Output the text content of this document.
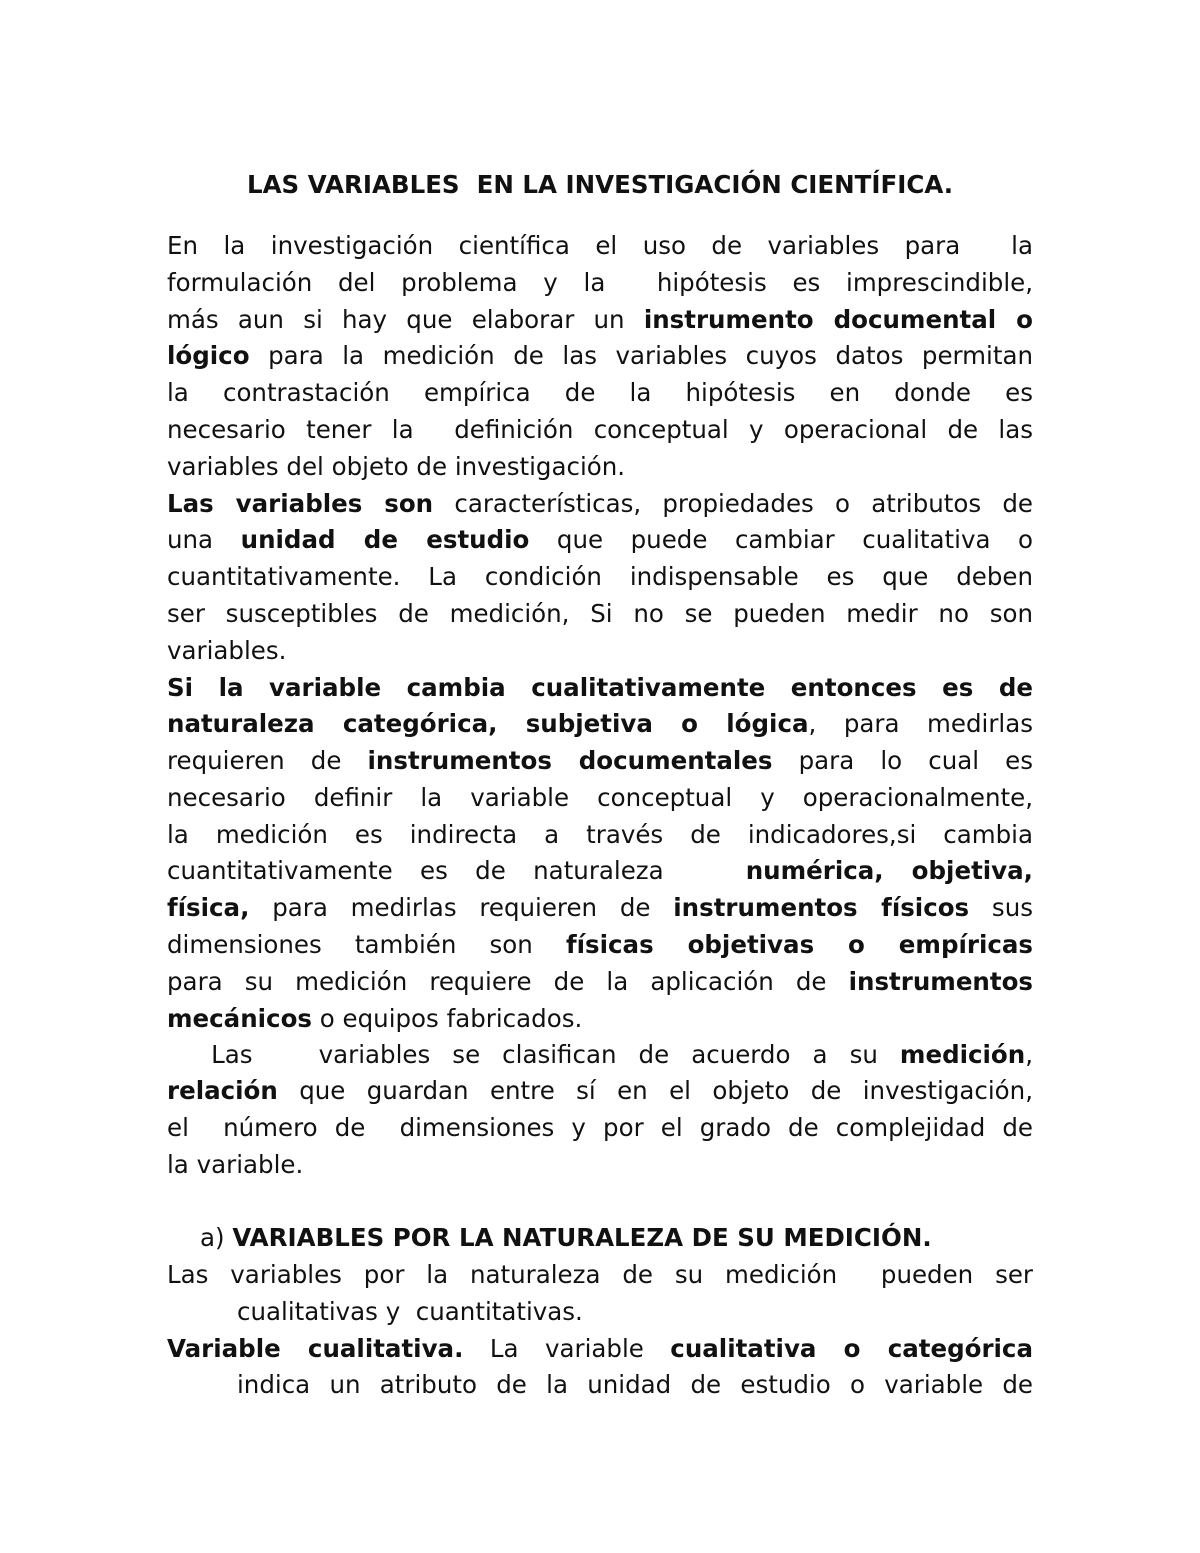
LAS VARIABLES  EN LA INVESTIGACIÓN CIENTÍFICA.
En la investigación científica el uso de variables para  la
formulación del problema y la  hipótesis es imprescindible,
más aun si hay que elaborar un instrumento documental o
lógico para la medición de las variables cuyos datos permitan
la contrastación empírica de la hipótesis en donde es
necesario tener la  definición conceptual y operacional de las
variables del objeto de investigación.
Las variables son características, propiedades o atributos de
una unidad de estudio que puede cambiar cualitativa o
cuantitativamente. La condición indispensable es que deben
ser susceptibles de medición, Si no se pueden medir no son
variables.
Si la variable cambia cualitativamente entonces es de
naturaleza categórica, subjetiva o lógica, para medirlas
requieren de instrumentos documentales para lo cual es
necesario definir la variable conceptual y operacionalmente,
la medición es indirecta a través de indicadores,si cambia
cuantitativamente es de naturaleza   numérica, objetiva,
física, para medirlas requieren de instrumentos físicos sus
dimensiones también son físicas objetivas o empíricas
para su medición requiere de la aplicación de instrumentos
mecánicos o equipos fabricados.
Las   variables se clasifican de acuerdo a su medición,
relación que guardan entre sí en el objeto de investigación,
el  número de  dimensiones y por el grado de complejidad de
la variable.
a) VARIABLES POR LA NATURALEZA DE SU MEDICIÓN.
Las variables por la naturaleza de su medición  pueden ser
cualitativas y  cuantitativas.
Variable cualitativa. La variable cualitativa o categórica
indica un atributo de la unidad de estudio o variable de
